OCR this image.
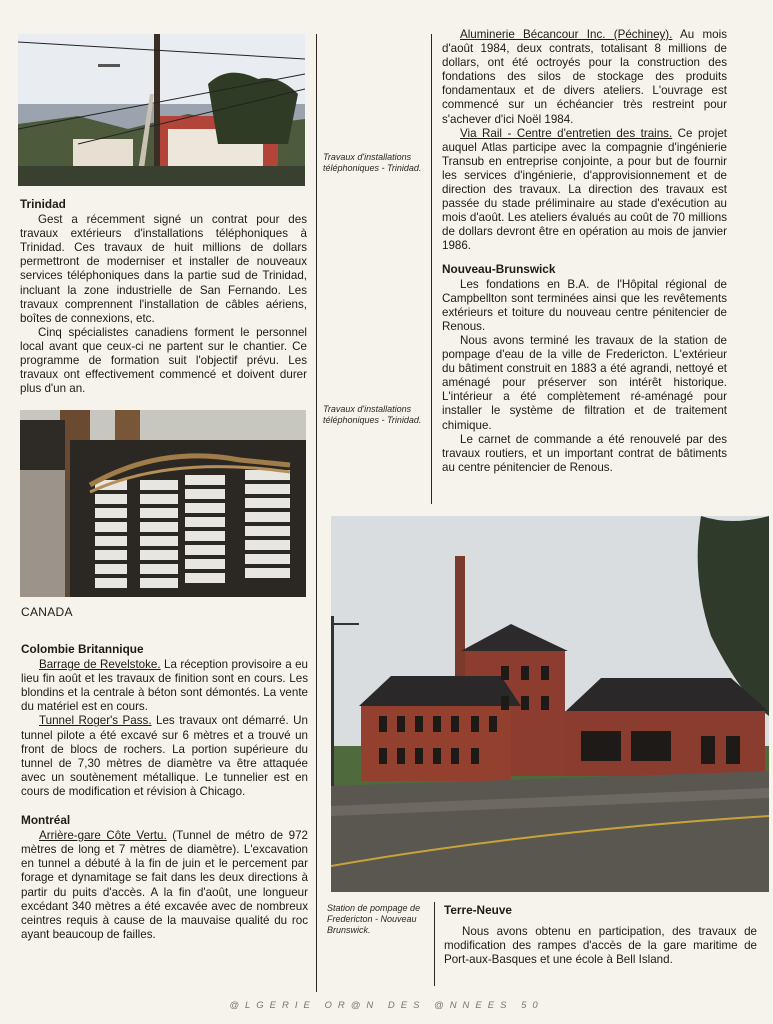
Trinidad

Gest a récemment signé un contrat pour des travaux extérieurs d'installations téléphoniques à Trinidad. Ces travaux de huit millions de dollars permettront de moderniser et installer de nouveaux services téléphoniques dans la partie sud de Trinidad, incluant la zone industrielle de San Fernando. Les travaux comprennent l'installation de câbles aériens, boîtes de connexions, etc.

Cinq spécialistes canadiens forment le personnel local avant que ceux-ci ne partent sur le chantier. Ce programme de formation suit l'objectif prévu. Les travaux ont effectivement commencé et doivent durer plus d'un an.

Travaux d'installations téléphoniques - Trinidad.
Travaux d'installations téléphoniques - Trinidad.
CANADA
Colombie Britannique

Barrage de Revelstoke. La réception provisoire a eu lieu fin août et les travaux de finition sont en cours. Les blondins et la centrale à béton sont démontés. La vente du matériel est en cours.

Tunnel Roger's Pass. Les travaux ont démarré. Un tunnel pilote a été excavé sur 6 mètres et a trouvé un front de blocs de rochers. La portion supérieure du tunnel de 7,30 mètres de diamètre va être attaquée avec un soutènement métallique. Le tunnelier est en cours de modification et révision à Chicago.

Montréal

Arrière-gare Côte Vertu. (Tunnel de métro de 972 mètres de long et 7 mètres de diamètre). L'excavation en tunnel a débuté à la fin de juin et le percement par forage et dynamitage se fait dans les deux directions à partir du puits d'accès. A la fin d'août, une longueur excédant 340 mètres a été excavée avec de nombreux ceintres requis à cause de la mauvaise qualité du roc ayant beaucoup de failles.

Aluminerie Bécancour Inc. (Péchiney). Au mois d'août 1984, deux contrats, totalisant 8 millions de dollars, ont été octroyés pour la construction des fondations des silos de stockage des produits fondamentaux et de divers ateliers. L'ouvrage est commencé sur un échéancier très restreint pour s'achever d'ici Noël 1984.

Via Rail - Centre d'entretien des trains. Ce projet auquel Atlas participe avec la compagnie d'ingénierie Transub en entreprise conjointe, a pour but de fournir les services d'ingénierie, d'approvisionnement et de direction des travaux. La direction des travaux est passée du stade préliminaire au stade d'exécution au mois d'août. Les ateliers évalués au coût de 70 millions de dollars devront être en opération au mois de janvier 1986.

Nouveau-Brunswick

Les fondations en B.A. de l'Hôpital régional de Campbellton sont terminées ainsi que les revêtements extérieurs et toiture du nouveau centre pénitencier de Renous.

Nous avons terminé les travaux de la station de pompage d'eau de la ville de Fredericton. L'extérieur du bâtiment construit en 1883 a été agrandi, nettoyé et aménagé pour préserver son intérêt historique. L'intérieur a été complètement ré-aménagé pour installer le système de filtration et de traitement chimique.

Le carnet de commande a été renouvelé par des travaux routiers, et un important contrat de bâtiments au centre pénitencier de Renous.

Station de pompage de Fredericton - Nouveau Brunswick.
Terre-Neuve

Nous avons obtenu en participation, des travaux de modification des rampes d'accès de la gare maritime de Port-aux-Basques et une école à Bell Island.

@LGERIE OR@N DES @NNEES 50
